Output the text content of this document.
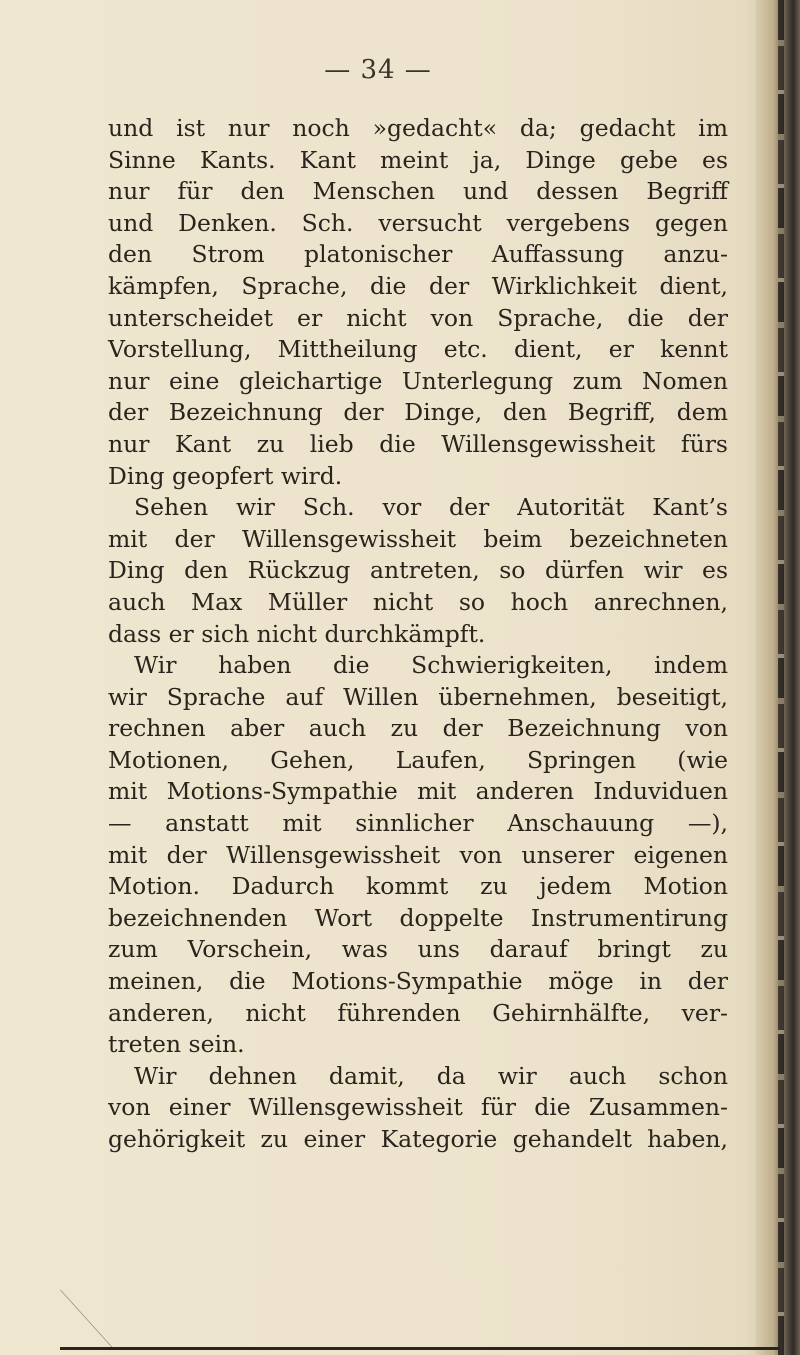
— 34 —

und ist nur noch »gedacht« da; gedacht im
Sinne Kants. Kant meint ja, Dinge gebe es
nur für den Menschen und dessen Begriff
und Denken. Sch. versucht vergebens gegen
den Strom platonischer Auffassung anzu-
kämpfen, Sprache, die der Wirklichkeit dient,
unterscheidet er nicht von Sprache, die der
Vorstellung, Mittheilung etc. dient, er kennt
nur eine gleichartige Unterlegung zum Nomen
der Bezeichnung der Dinge, den Begriff, dem
nur Kant zu lieb die Willensgewissheit fürs
Ding geopfert wird.
Sehen wir Sch. vor der Autorität Kant’s
mit der Willensgewissheit beim bezeichneten
Ding den Rückzug antreten, so dürfen wir es
auch Max Müller nicht so hoch anrechnen,
dass er sich nicht durchkämpft.
Wir haben die Schwierigkeiten, indem
wir Sprache auf Willen übernehmen, beseitigt,
rechnen aber auch zu der Bezeichnung von
Motionen, Gehen, Laufen, Springen (wie
mit Motions-Sympathie mit anderen Induviduen
— anstatt mit sinnlicher Anschauung —),
mit der Willensgewissheit von unserer eigenen
Motion. Dadurch kommt zu jedem Motion
bezeichnenden Wort doppelte Instrumentirung
zum Vorschein, was uns darauf bringt zu
meinen, die Motions-Sympathie möge in der
anderen, nicht führenden Gehirnhälfte, ver-
treten sein.
Wir dehnen damit, da wir auch schon
von einer Willensgewissheit für die Zusammen-
gehörigkeit zu einer Kategorie gehandelt haben,
